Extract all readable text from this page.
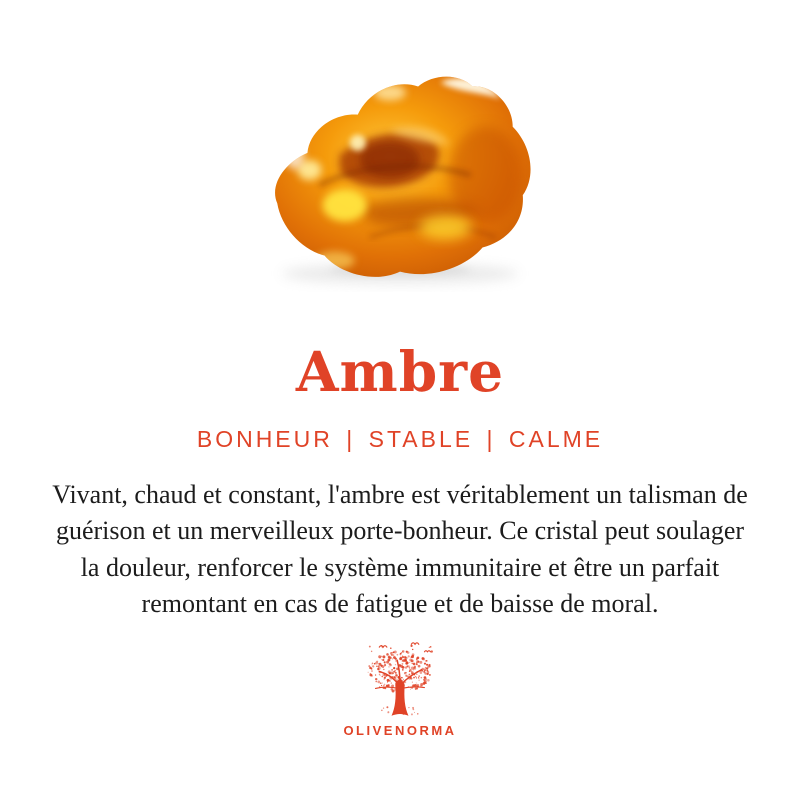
Ambre
BONHEUR | STABLE | CALME

Vivant, chaud et constant, l'ambre est véritablement un talisman de guérison et un merveilleux porte-bonheur. Ce cristal peut soulager la douleur, renforcer le système immunitaire et être un parfait remontant en cas de fatigue et de baisse de moral.

OLIVENORMA
